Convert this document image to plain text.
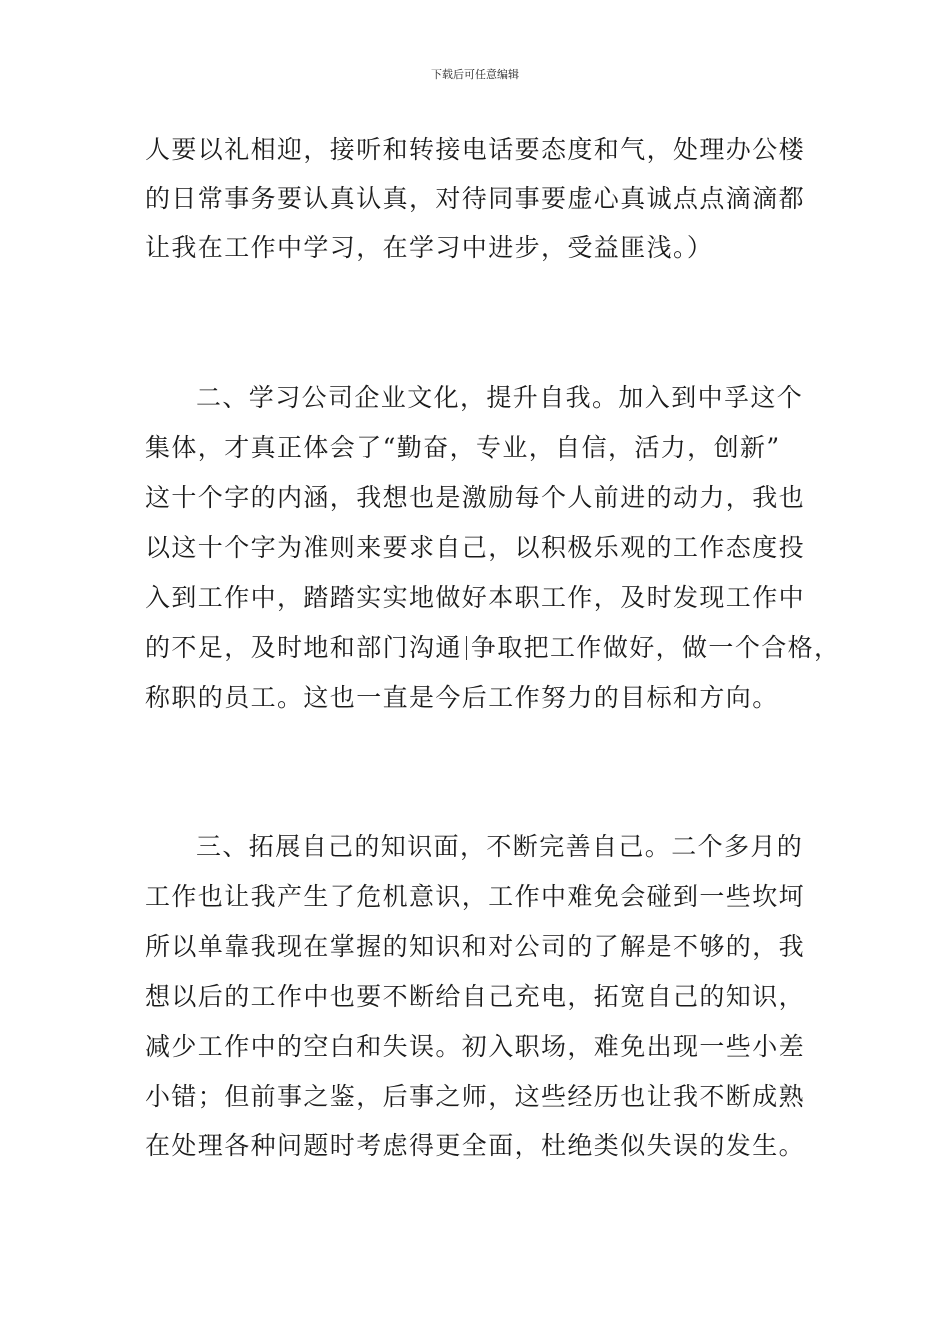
下载后可任意编辑
人要以礼相迎，接听和转接电话要态度和气，处理办公楼
的日常事务要认真认真，对待同事要虚心真诚点点滴滴都
让我在工作中学习，在学习中进步，受益匪浅。）
二、学习公司企业文化，提升自我。加入到中孚这个
集体，才真正体会了“勤奋，专业，自信，活力，创新”
这十个字的内涵，我想也是激励每个人前进的动力，我也
以这十个字为准则来要求自己，以积极乐观的工作态度投
入到工作中，踏踏实实地做好本职工作，及时发现工作中
的不足，及时地和部门沟通 争取把工作做好，做一个合格，
称职的员工。这也一直是今后工作努力的目标和方向。
三、拓展自己的知识面，不断完善自己。二个多月的
工作也让我产生了危机意识，工作中难免会碰到一些坎坷
所以单靠我现在掌握的知识和对公司的了解是不够的，我
想以后的工作中也要不断给自己充电，拓宽自己的知识，
减少工作中的空白和失误。初入职场，难免出现一些小差
小错；但前事之鉴，后事之师，这些经历也让我不断成熟
在处理各种问题时考虑得更全面，杜绝类似失误的发生。
